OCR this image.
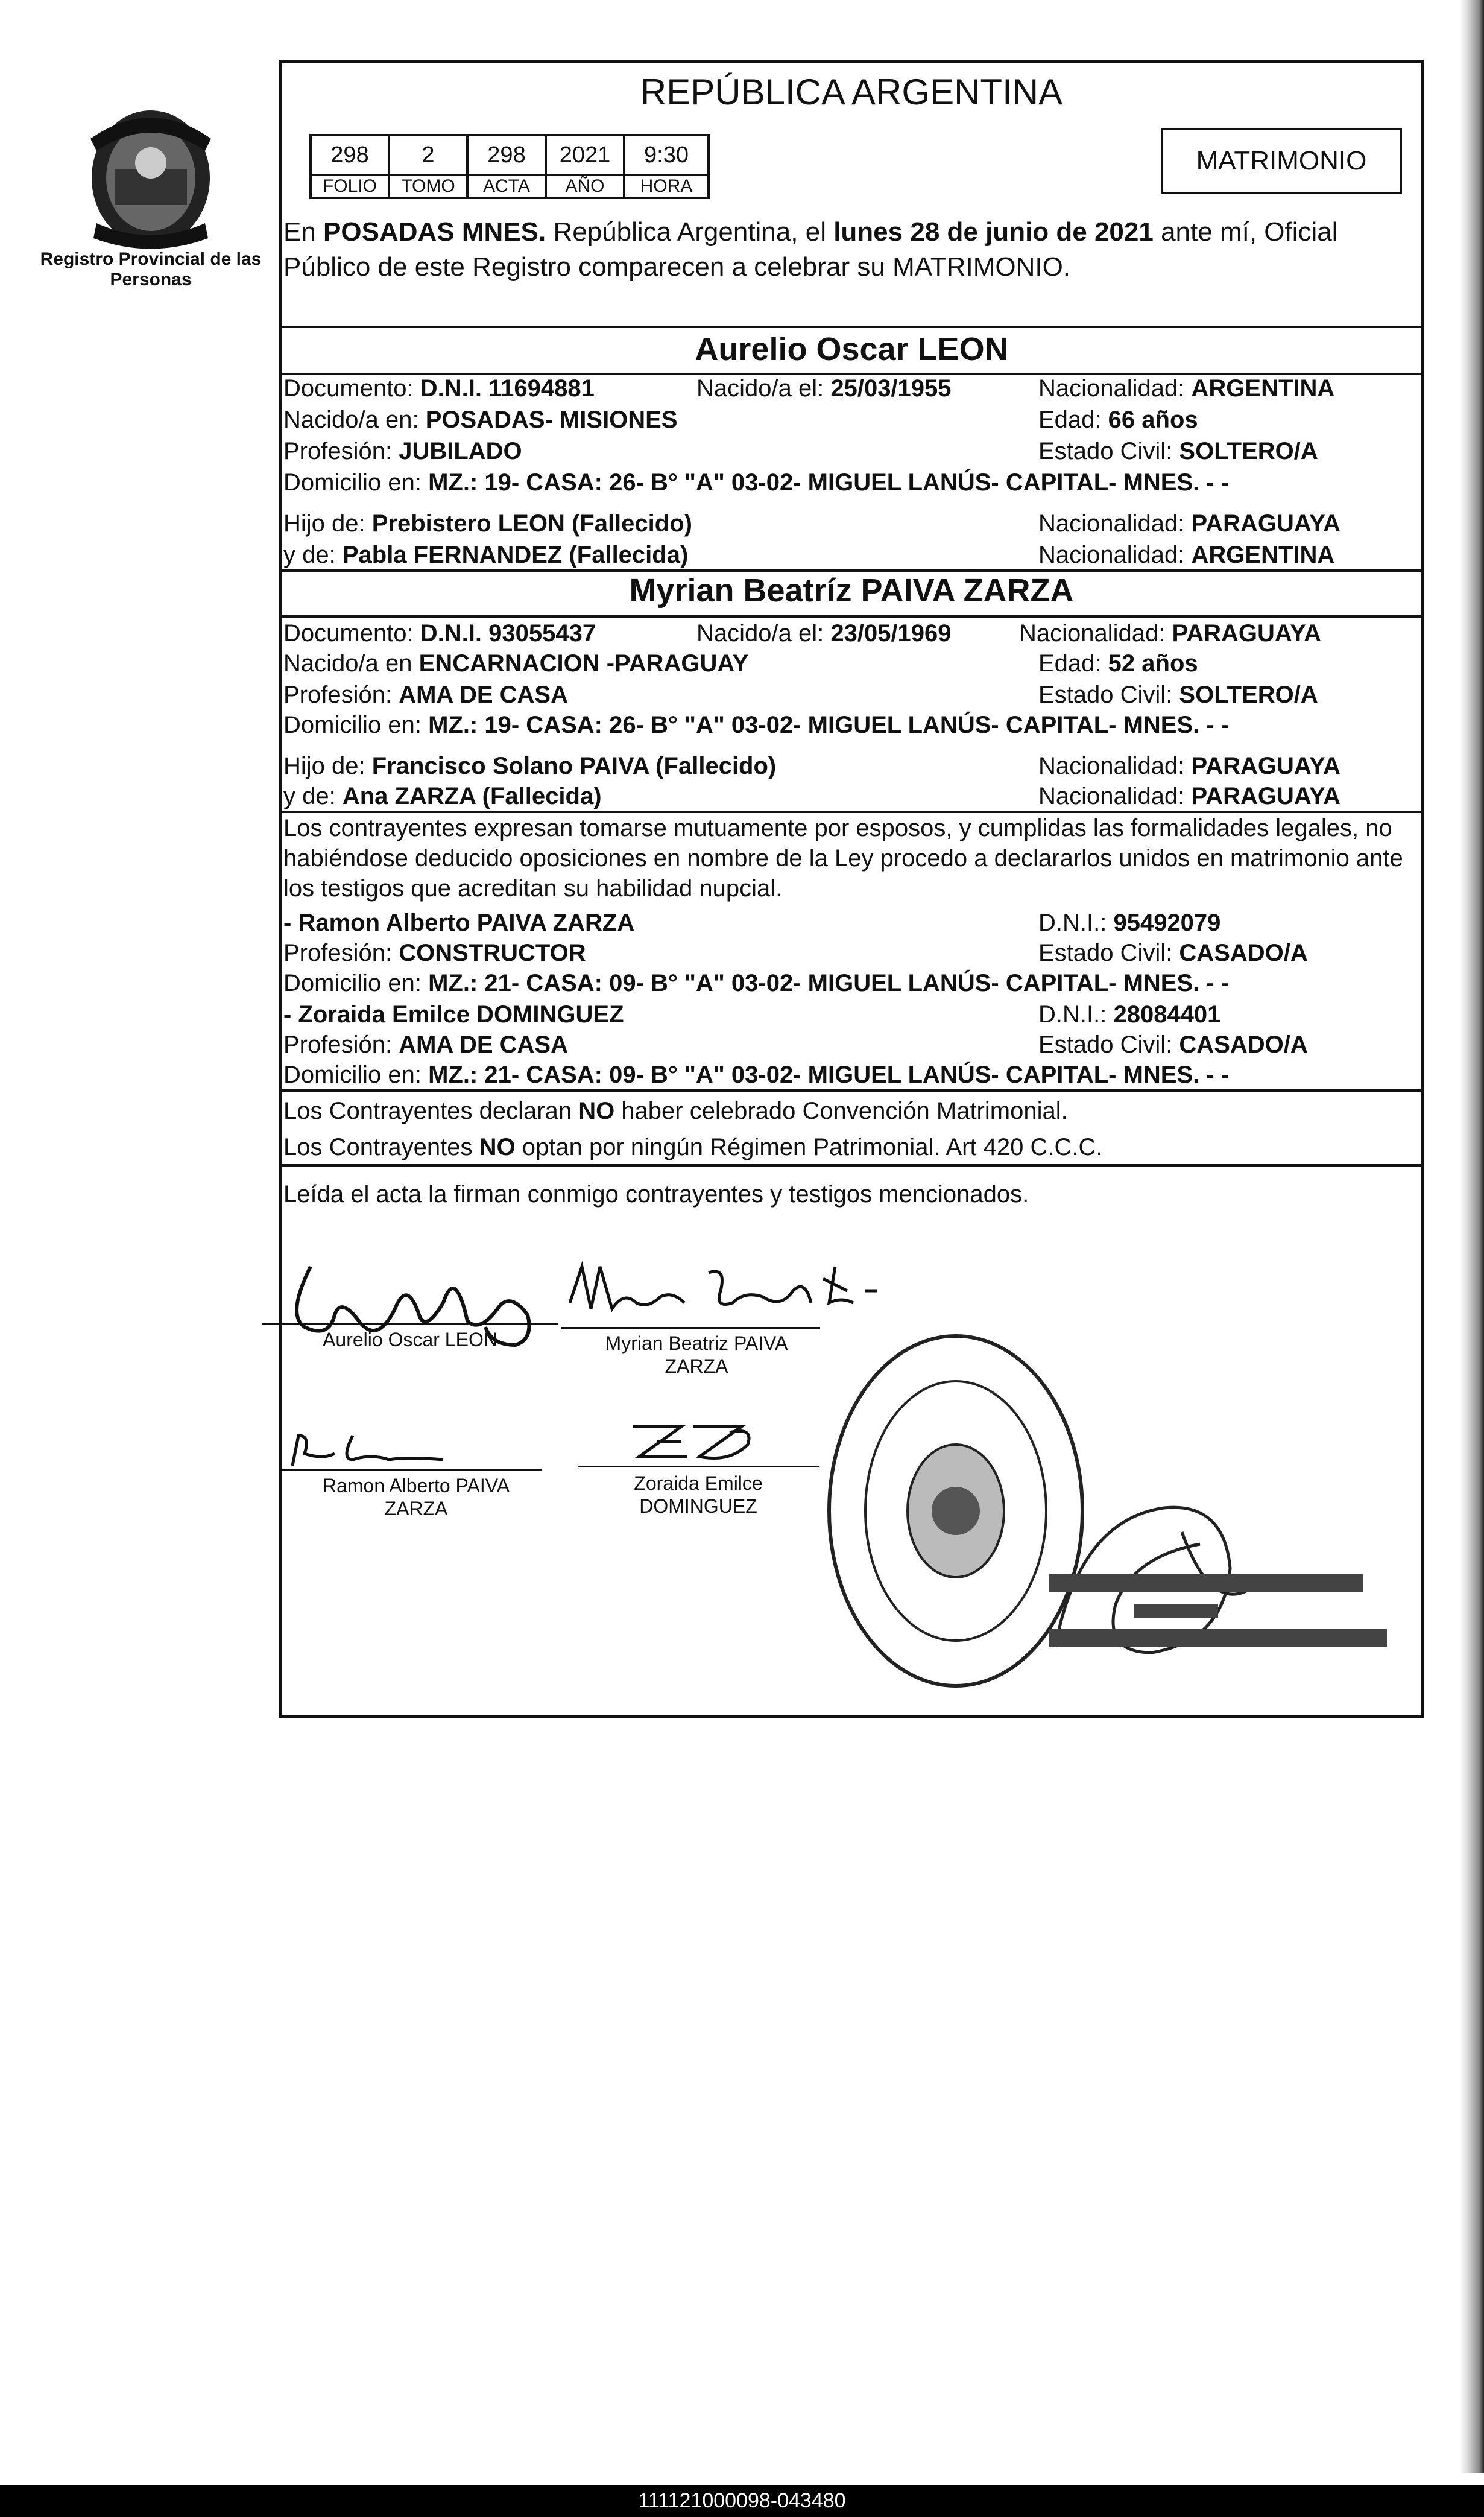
Registro Provincial de las Personas
REPÚBLICA ARGENTINA
298	2	298	2021	9:30
FOLIO	TOMO	ACTA	AÑO	HORA
MATRIMONIO
En POSADAS MNES. República Argentina, el lunes 28 de junio de 2021 ante mí, Oficial Público de este Registro comparecen a celebrar su MATRIMONIO.
Aurelio Oscar LEON
Documento: D.N.I. 11694881	Nacido/a el: 25/03/1955	Nacionalidad: ARGENTINA
Nacido/a en: POSADAS- MISIONES	Edad: 66 años
Profesión: JUBILADO	Estado Civil: SOLTERO/A
Domicilio en: MZ.: 19- CASA: 26- B° "A" 03-02- MIGUEL LANÚS- CAPITAL- MNES. - -
Hijo de: Prebistero LEON (Fallecido)	Nacionalidad: PARAGUAYA
y de: Pabla FERNANDEZ (Fallecida)	Nacionalidad: ARGENTINA
Myrian Beatríz PAIVA ZARZA
Documento: D.N.I. 93055437	Nacido/a el: 23/05/1969	Nacionalidad: PARAGUAYA
Nacido/a en ENCARNACION -PARAGUAY	Edad: 52 años
Profesión: AMA DE CASA	Estado Civil: SOLTERO/A
Domicilio en: MZ.: 19- CASA: 26- B° "A" 03-02- MIGUEL LANÚS- CAPITAL- MNES. - -
Hijo de: Francisco Solano PAIVA (Fallecido)	Nacionalidad: PARAGUAYA
y de: Ana ZARZA (Fallecida)	Nacionalidad: PARAGUAYA
Los contrayentes expresan tomarse mutuamente por esposos, y cumplidas las formalidades legales, no habiéndose deducido oposiciones en nombre de la Ley procedo a declararlos unidos en matrimonio ante los testigos que acreditan su habilidad nupcial.
- Ramon Alberto PAIVA ZARZA	D.N.I.: 95492079
Profesión: CONSTRUCTOR	Estado Civil: CASADO/A
Domicilio en: MZ.: 21- CASA: 09- B° "A" 03-02- MIGUEL LANÚS- CAPITAL- MNES. - -
- Zoraida Emilce DOMINGUEZ	D.N.I.: 28084401
Profesión: AMA DE CASA	Estado Civil: CASADO/A
Domicilio en: MZ.: 21- CASA: 09- B° "A" 03-02- MIGUEL LANÚS- CAPITAL- MNES. - -
Los Contrayentes declaran NO haber celebrado Convención Matrimonial.
Los Contrayentes NO optan por ningún Régimen Patrimonial. Art 420 C.C.C.
Leída el acta la firman conmigo contrayentes y testigos mencionados.
Aurelio Oscar LEON	Myrian Beatriz PAIVA
ZARZA
Ramon Alberto PAIVA
ZARZA
Zoraida Emilce
DOMINGUEZ
111121000098-043480
